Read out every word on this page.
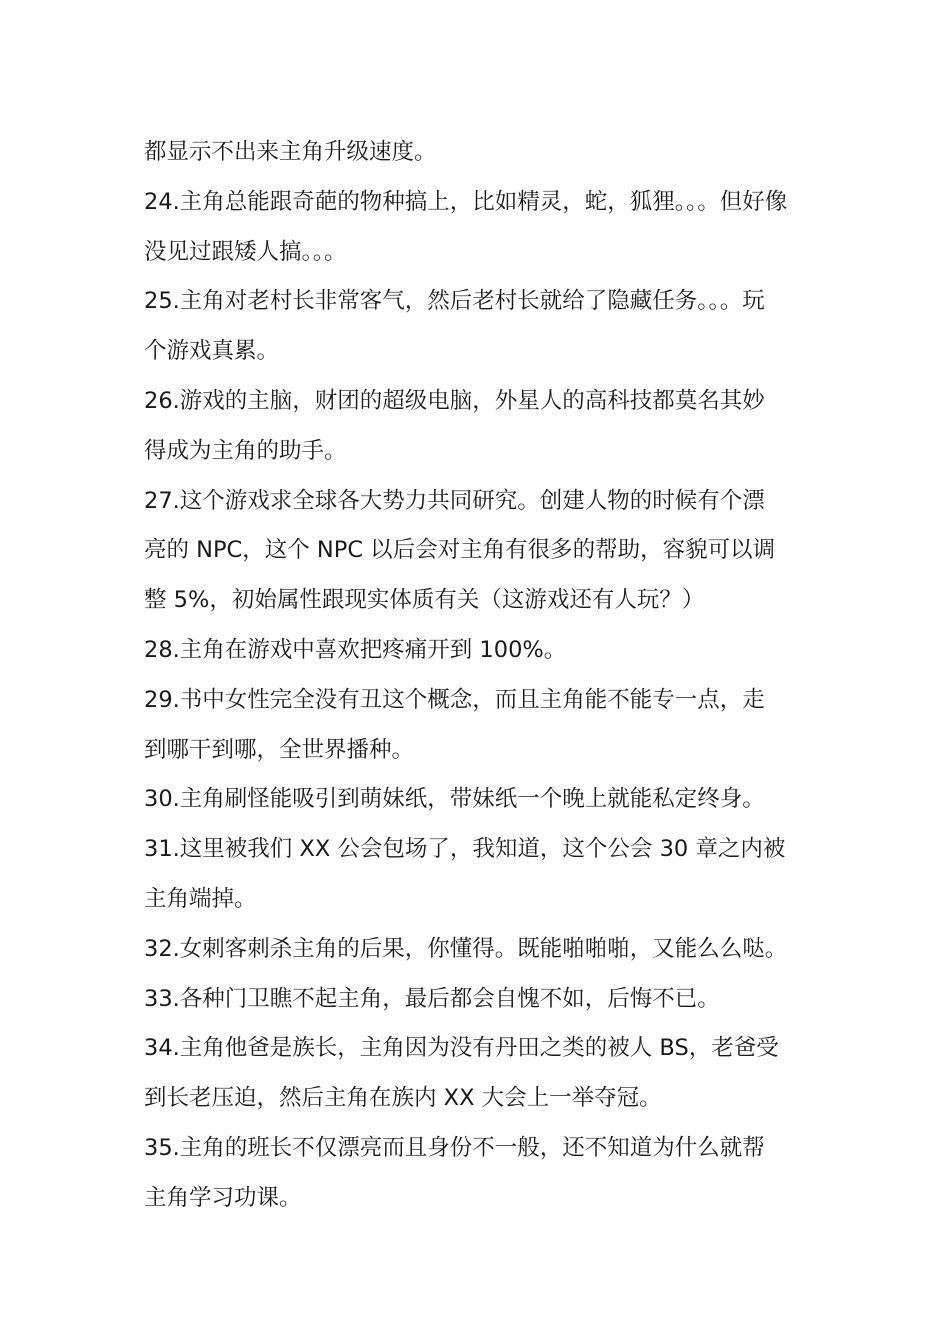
都显示不出来主角升级速度。
24.主角总能跟奇葩的物种搞上，比如精灵，蛇，狐狸。。。但好像
没见过跟矮人搞。。。
25.主角对老村长非常客气，然后老村长就给了隐藏任务。。。玩
个游戏真累。
26.游戏的主脑，财团的超级电脑，外星人的高科技都莫名其妙
得成为主角的助手。
27.这个游戏求全球各大势力共同研究。创建人物的时候有个漂
亮的 NPC，这个 NPC 以后会对主角有很多的帮助，容貌可以调
整 5%，初始属性跟现实体质有关（这游戏还有人玩？）
28.主角在游戏中喜欢把疼痛开到 100%。
29.书中女性完全没有丑这个概念，而且主角能不能专一点，走
到哪干到哪，全世界播种。
30.主角刷怪能吸引到萌妹纸，带妹纸一个晚上就能私定终身。
31.这里被我们 XX 公会包场了，我知道，这个公会 30 章之内被
主角端掉。
32.女刺客刺杀主角的后果，你懂得。既能啪啪啪，又能么么哒。
33.各种门卫瞧不起主角，最后都会自愧不如，后悔不已。
34.主角他爸是族长，主角因为没有丹田之类的被人 BS，老爸受
到长老压迫，然后主角在族内 XX 大会上一举夺冠。
35.主角的班长不仅漂亮而且身份不一般，还不知道为什么就帮
主角学习功课。
